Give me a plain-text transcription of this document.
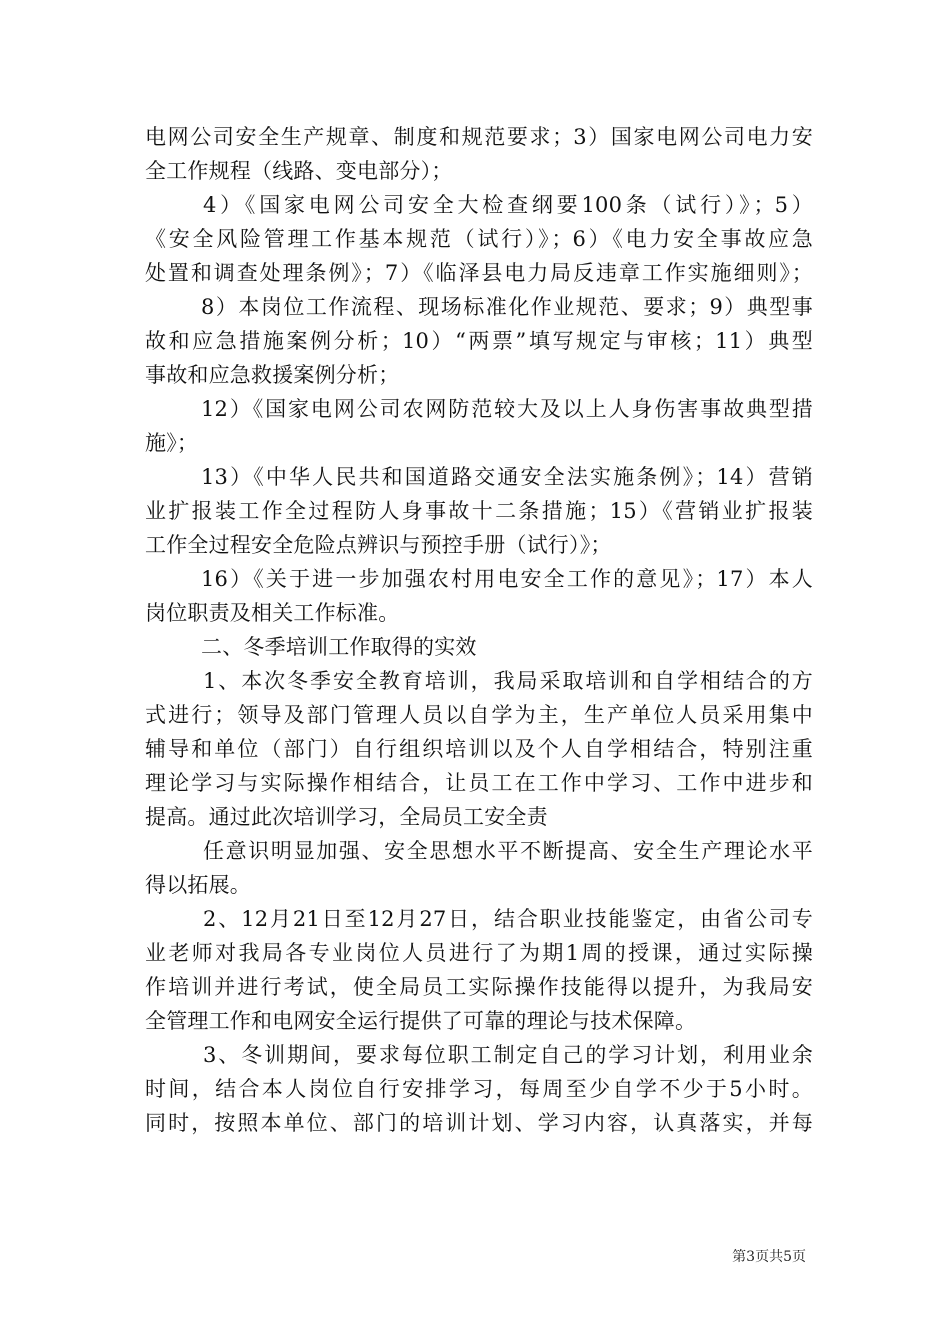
电网公司安全生产规章、制度和规范要求；3）国家电网公司电力安
全工作规程（线路、变电部分）；
4）《国家电网公司安全大检查纲要100条（试行）》；5）
《安全风险管理工作基本规范（试行）》；6）《电力安全事故应急
处置和调查处理条例》；7）《临泽县电力局反违章工作实施细则》；
8）本岗位工作流程、现场标准化作业规范、要求；9）典型事
故和应急措施案例分析；10）“两票”填写规定与审核；11）典型
事故和应急救援案例分析；
12）《国家电网公司农网防范较大及以上人身伤害事故典型措
施》；
13）《中华人民共和国道路交通安全法实施条例》；14）营销
业扩报装工作全过程防人身事故十二条措施；15）《营销业扩报装
工作全过程安全危险点辨识与预控手册（试行）》；
16）《关于进一步加强农村用电安全工作的意见》；17）本人
岗位职责及相关工作标准。
二、冬季培训工作取得的实效
1、本次冬季安全教育培训，我局采取培训和自学相结合的方
式进行；领导及部门管理人员以自学为主，生产单位人员采用集中
辅导和单位（部门）自行组织培训以及个人自学相结合，特别注重
理论学习与实际操作相结合，让员工在工作中学习、工作中进步和
提高。通过此次培训学习，全局员工安全责
任意识明显加强、安全思想水平不断提高、安全生产理论水平
得以拓展。
2、12月21日至12月27日，结合职业技能鉴定，由省公司专
业老师对我局各专业岗位人员进行了为期1周的授课，通过实际操
作培训并进行考试，使全局员工实际操作技能得以提升，为我局安
全管理工作和电网安全运行提供了可靠的理论与技术保障。
3、冬训期间，要求每位职工制定自己的学习计划，利用业余
时间，结合本人岗位自行安排学习，每周至少自学不少于5小时。
同时，按照本单位、部门的培训计划、学习内容，认真落实，并每
第3页共5页
